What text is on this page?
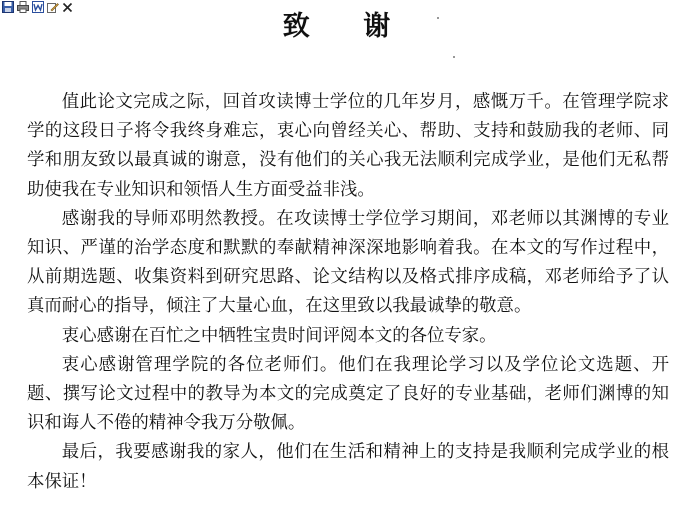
致 谢

值此论文完成之际，回首攻读博士学位的几年岁月，感慨万千。在管理学院求学的这段日子将令我终身难忘，衷心向曾经关心、帮助、支持和鼓励我的老师、同学和朋友致以最真诚的谢意，没有他们的关心我无法顺利完成学业，是他们无私帮助使我在专业知识和领悟人生方面受益非浅。

感谢我的导师邓明然教授。在攻读博士学位学习期间，邓老师以其渊博的专业知识、严谨的治学态度和默默的奉献精神深深地影响着我。在本文的写作过程中，从前期选题、收集资料到研究思路、论文结构以及格式排序成稿，邓老师给予了认真而耐心的指导，倾注了大量心血，在这里致以我最诚挚的敬意。

衷心感谢在百忙之中牺牲宝贵时间评阅本文的各位专家。

衷心感谢管理学院的各位老师们。他们在我理论学习以及学位论文选题、开题、撰写论文过程中的教导为本文的完成奠定了良好的专业基础，老师们渊博的知识和诲人不倦的精神令我万分敬佩。

最后，我要感谢我的家人，他们在生活和精神上的支持是我顺利完成学业的根本保证！
